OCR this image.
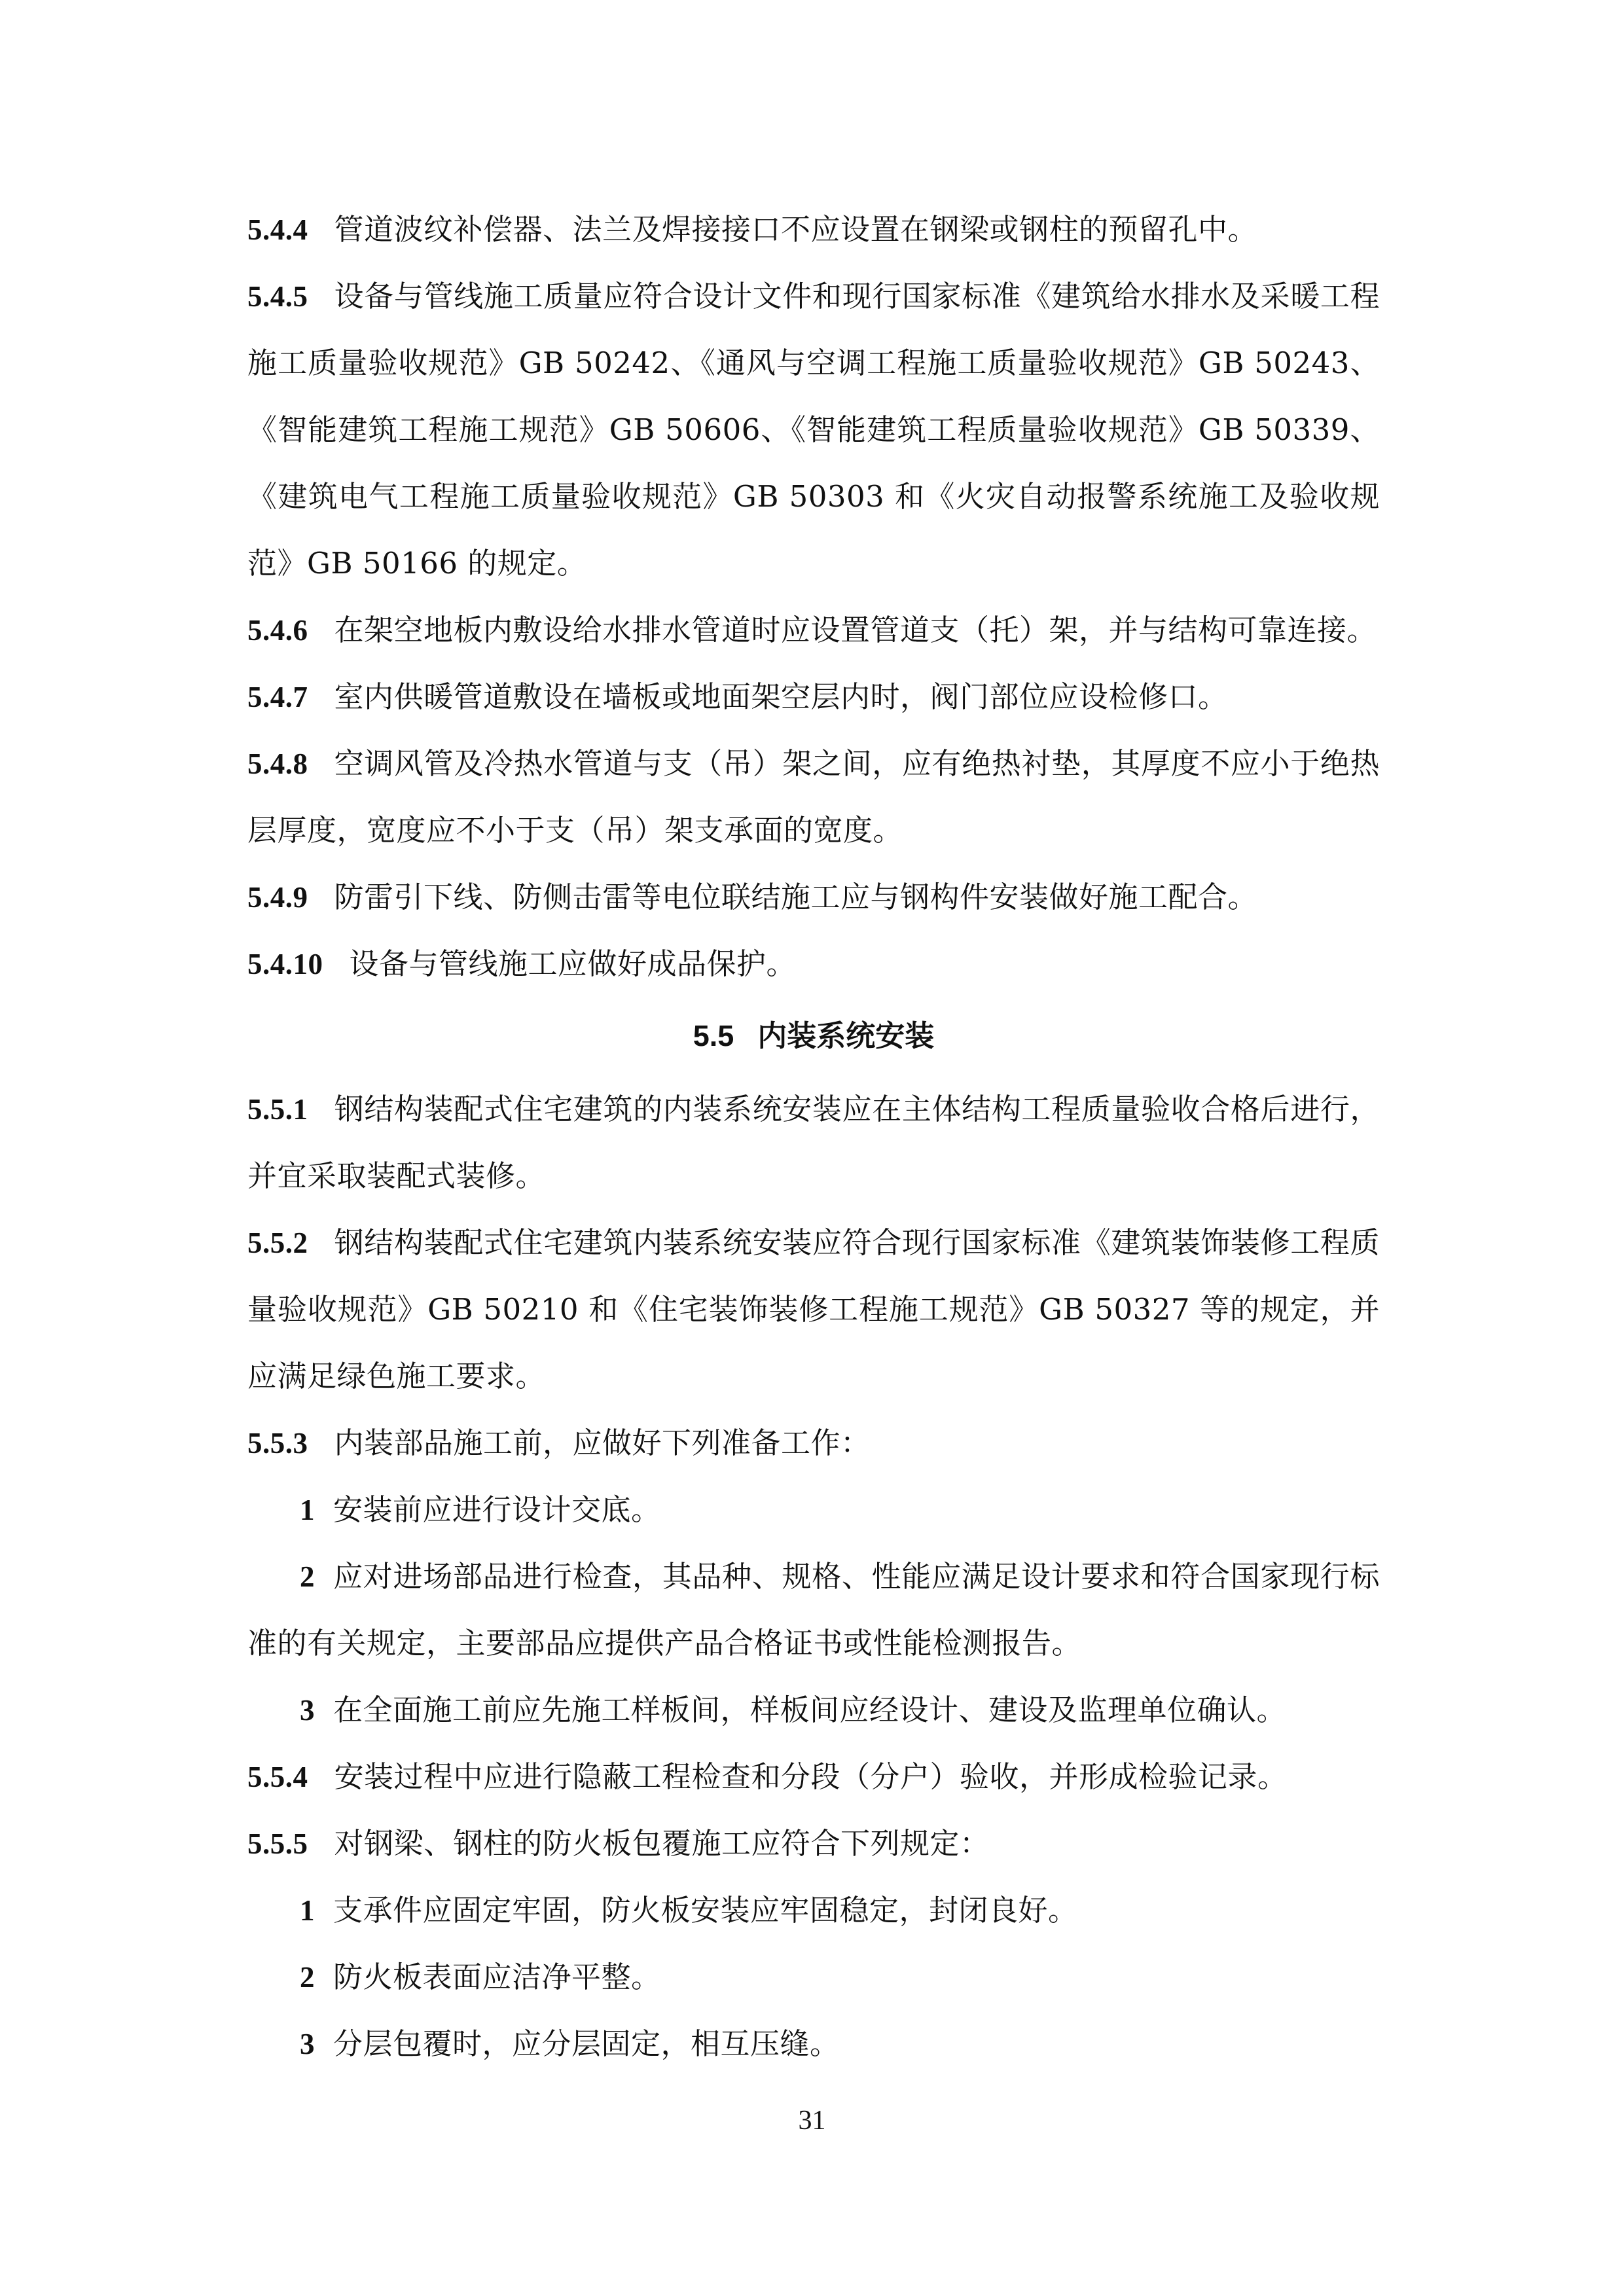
5.4.4 管道波纹补偿器、法兰及焊接接口不应设置在钢梁或钢柱的预留孔中。

5.4.5 设备与管线施工质量应符合设计文件和现行国家标准《建筑给水排水及采暖工程施工质量验收规范》GB 50242、《通风与空调工程施工质量验收规范》GB 50243、《智能建筑工程施工规范》GB 50606、《智能建筑工程质量验收规范》GB 50339、《建筑电气工程施工质量验收规范》GB 50303 和《火灾自动报警系统施工及验收规范》GB 50166 的规定。

5.4.6 在架空地板内敷设给水排水管道时应设置管道支（托）架，并与结构可靠连接。

5.4.7 室内供暖管道敷设在墙板或地面架空层内时，阀门部位应设检修口。

5.4.8 空调风管及冷热水管道与支（吊）架之间，应有绝热衬垫，其厚度不应小于绝热层厚度，宽度应不小于支（吊）架支承面的宽度。

5.4.9 防雷引下线、防侧击雷等电位联结施工应与钢构件安装做好施工配合。

5.4.10 设备与管线施工应做好成品保护。

5.5 内装系统安装

5.5.1 钢结构装配式住宅建筑的内装系统安装应在主体结构工程质量验收合格后进行，并宜采取装配式装修。

5.5.2 钢结构装配式住宅建筑内装系统安装应符合现行国家标准《建筑装饰装修工程质量验收规范》GB 50210 和《住宅装饰装修工程施工规范》GB 50327 等的规定，并应满足绿色施工要求。

5.5.3 内装部品施工前，应做好下列准备工作：

1 安装前应进行设计交底。

2 应对进场部品进行检查，其品种、规格、性能应满足设计要求和符合国家现行标准的有关规定，主要部品应提供产品合格证书或性能检测报告。

3 在全面施工前应先施工样板间，样板间应经设计、建设及监理单位确认。

5.5.4 安装过程中应进行隐蔽工程检查和分段（分户）验收，并形成检验记录。

5.5.5 对钢梁、钢柱的防火板包覆施工应符合下列规定：

1 支承件应固定牢固，防火板安装应牢固稳定，封闭良好。

2 防火板表面应洁净平整。

3 分层包覆时，应分层固定，相互压缝。

31
